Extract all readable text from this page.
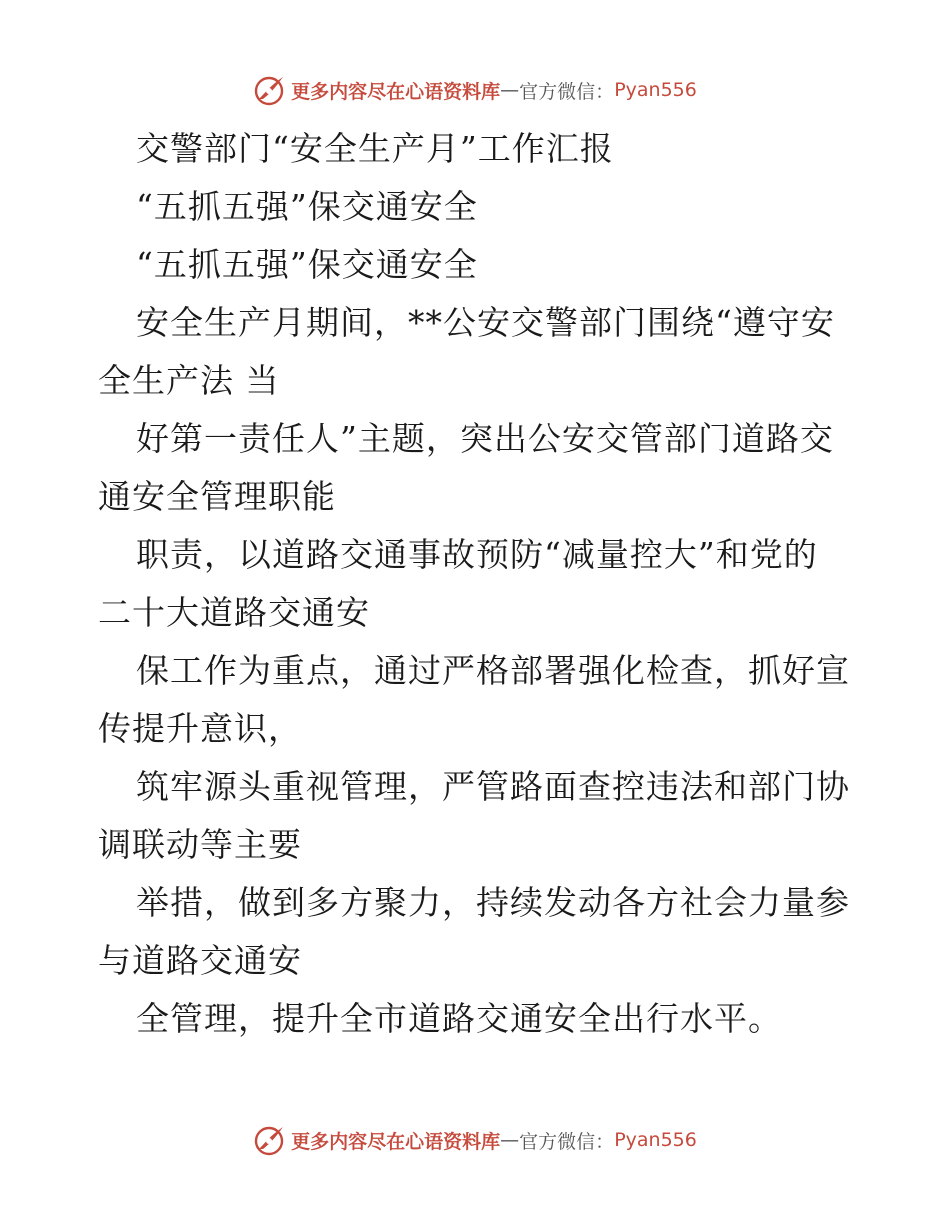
更多内容尽在心语资料库 — 官方微信： Pyan556
交警部门“安全生产月”工作汇报
“五抓五强”保交通安全
“五抓五强”保交通安全
安全生产月期间，**公安交警部门围绕“遵守安
全生产法 当
好第一责任人”主题，突出公安交管部门道路交
通安全管理职能
职责，以道路交通事故预防“减量控大”和党的
二十大道路交通安
保工作为重点，通过严格部署强化检查，抓好宣
传提升意识，
筑牢源头重视管理，严管路面查控违法和部门协
调联动等主要
举措，做到多方聚力，持续发动各方社会力量参
与道路交通安
全管理，提升全市道路交通安全出行水平。
更多内容尽在心语资料库 — 官方微信： Pyan556
